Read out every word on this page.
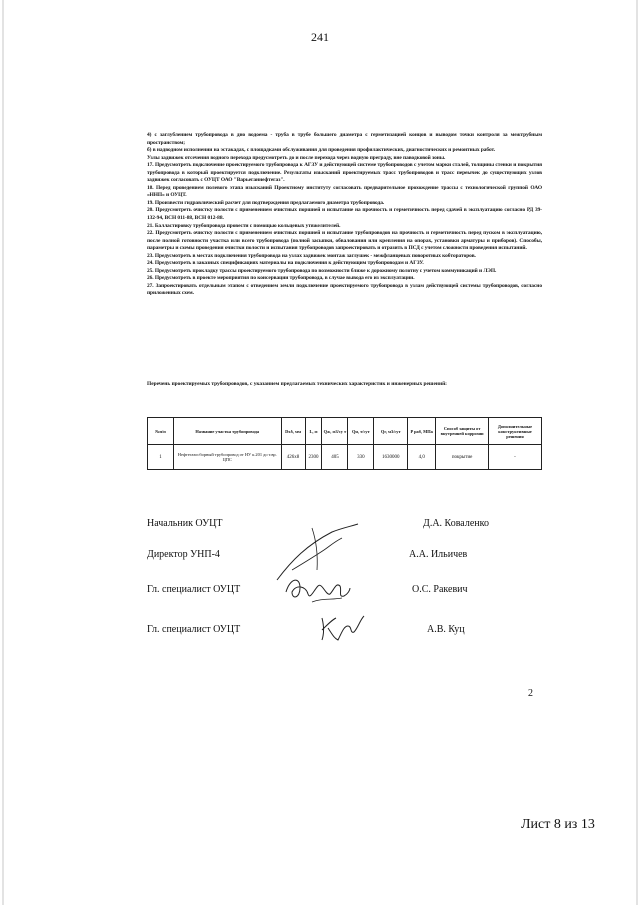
241

4) с заглублением трубопровода в дно водоема - труба в трубе большего диаметра с герметизацией концов и выводом точки контроля за межтрубным пространством;

б) в надводном исполнении на эстакадах, с площадками обслуживания для проведения профилактических, диагностических и ремонтных работ.

Узлы задвижек отсечения водного перехода предусмотреть до и после перехода через водную преграду, вне паводковой зоны.

17. Предусмотреть подключение проектируемого трубопровода к АГЗУ и действующей системе трубопроводов с учетом марки сталей, толщины стенки и покрытия трубопровода в который проектируется подключение. Результаты изысканий проектируемых трасс трубопроводов и трасс переычек до существующих узлов задвижек согласовать с ОУЦТ ОАО "Варьеганнефтегаз".

18. Перед проведением полевого этапа изысканий Проектному институту согласовать предварительное прохождение трассы с технологической группой ОАО «ННП» и ОУЦТ.

19. Произвести гидравлический расчет для подтверждения предлагаемого диаметра трубопровода.

20. Предусмотреть очистку полости с применением очистных поршней и испытание на прочность и герметичность перед сдачей в эксплуатацию согласно РД 39-132-94, ВСН 011-88, ВСН 012-88.

21. Балластировку трубопровода провести с помощью кольцевых утяжелителей.

22. Предусмотреть очистку полости с применением очистных поршней и испытание трубопроводов на прочность и герметичность перед пуском в эксплуатацию, после полной готовности участка или всего трубопровода (полной засыпки, обвалования или крепления на опорах, установки арматуры и приборов). Способы, параметры и схемы проведения очистки полости и испытания трубопроводов запроектировать и отразить в ПСД с учетом сложности проведения испытаний.

23. Предусмотреть в местах подключения трубопровода на узлах задвижек монтаж заглушек - межфланцевых поворотных кобтораторов.

24. Предусмотреть в заказных спецификациях материалы на подключения к действующим трубопроводам и АГЗУ.

25. Предусмотреть прокладку трассы проектируемого трубопровода по возможности ближе к дорожному полотну с учетом коммуникаций и ЛЭП.

26. Предусмотреть в проекте мероприятия по консервации трубопровода, в случае вывода его из эксплуатации.

27. Запроектировать отдельным этапом с отведением земли подключение проектируемого трубопровода в узлам действующей системы трубопроводов, согласно приложенных схем.

Перечень проектируемых трубопроводов, с указанием предлагаемых технических характеристик и инженерных решений:
№п/п	Название участка трубопровода	Dхδ, мм	L, м	Qж, м3/су т	Qн, т/сут	Qг, м3/сут	P раб, МПа	Способ защиты от внутренней коррозии	Дополнительные конструктивные решения
1	Нефтегазосборный трубопровод от НУ к.201 до т.вр. ЦПС	426х8	2300	405	330	1630000	4,0	покрытие	-
Начальник ОУЦТ	Д.А. Коваленко
Директор УНП-4	А.А. Ильичев
Гл. специалист ОУЦТ	О.С. Ракевич
Гл. специалист ОУЦТ	А.В. Куц
2
Лист 8 из 13
